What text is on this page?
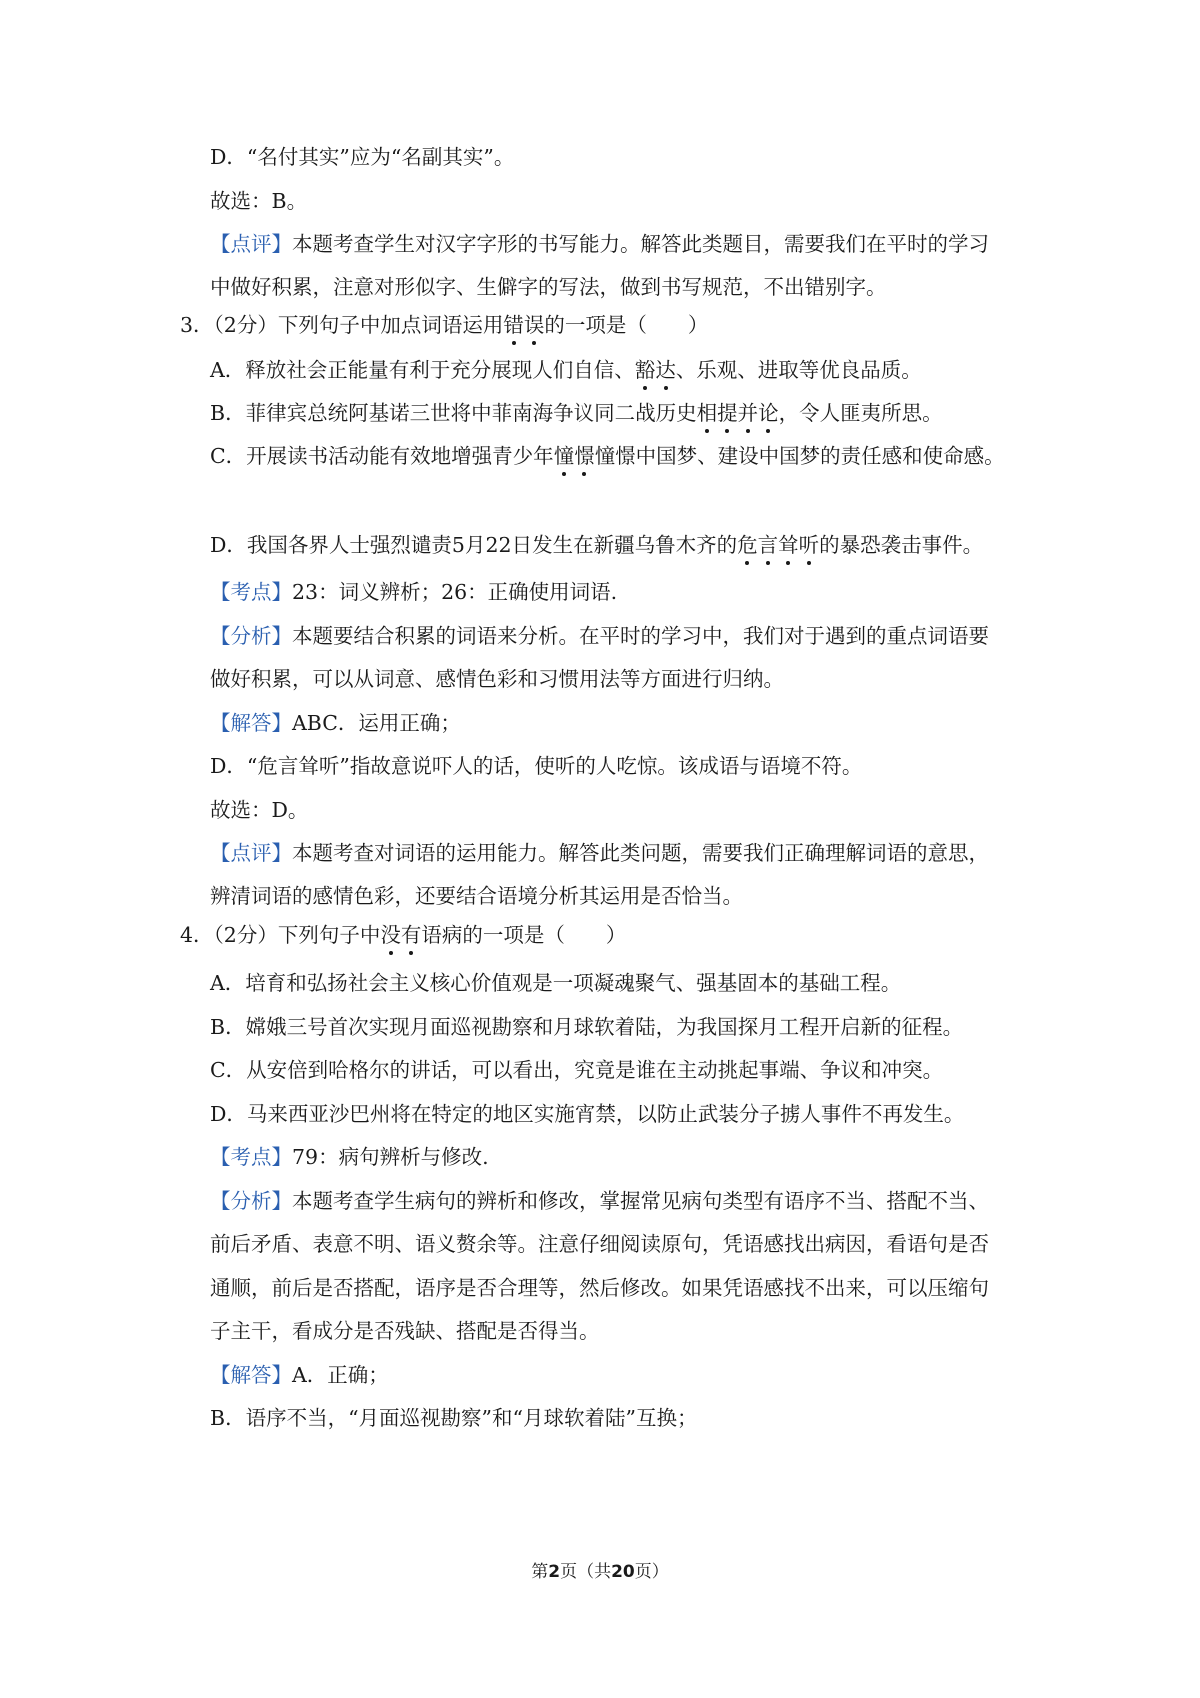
D．“名付其实”应为“名副其实”。
故选：B。
【点评】本题考查学生对汉字字形的书写能力。解答此类题目，需要我们在平时的学习
中做好积累，注意对形似字、生僻字的写法，做到书写规范，不出错别字。
3．（2分）下列句子中加点词语运用错误的一项是（　　）
A．释放社会正能量有利于充分展现人们自信、豁达、乐观、进取等优良品质。
B．菲律宾总统阿基诺三世将中菲南海争议同二战历史相提并论，令人匪夷所思。
C．开展读书活动能有效地增强青少年憧憬憧憬中国梦、建设中国梦的责任感和使命感。
D．我国各界人士强烈谴责5月22日发生在新疆乌鲁木齐的危言耸听的暴恐袭击事件。
【考点】23：词义辨析；26：正确使用词语.
【分析】本题要结合积累的词语来分析。在平时的学习中，我们对于遇到的重点词语要
做好积累，可以从词意、感情色彩和习惯用法等方面进行归纳。
【解答】ABC．运用正确；
D．“危言耸听”指故意说吓人的话，使听的人吃惊。该成语与语境不符。
故选：D。
【点评】本题考查对词语的运用能力。解答此类问题，需要我们正确理解词语的意思，
辨清词语的感情色彩，还要结合语境分析其运用是否恰当。
4．（2分）下列句子中没有语病的一项是（　　）
A．培育和弘扬社会主义核心价值观是一项凝魂聚气、强基固本的基础工程。
B．嫦娥三号首次实现月面巡视勘察和月球软着陆，为我国探月工程开启新的征程。
C．从安倍到哈格尔的讲话，可以看出，究竟是谁在主动挑起事端、争议和冲突。
D．马来西亚沙巴州将在特定的地区实施宵禁，以防止武装分子掳人事件不再发生。
【考点】79：病句辨析与修改.
【分析】本题考查学生病句的辨析和修改，掌握常见病句类型有语序不当、搭配不当、
前后矛盾、表意不明、语义赘余等。注意仔细阅读原句，凭语感找出病因，看语句是否
通顺，前后是否搭配，语序是否合理等，然后修改。如果凭语感找不出来，可以压缩句
子主干，看成分是否残缺、搭配是否得当。
【解答】A．正确；
B．语序不当，“月面巡视勘察”和“月球软着陆”互换；
第2页（共20页）
